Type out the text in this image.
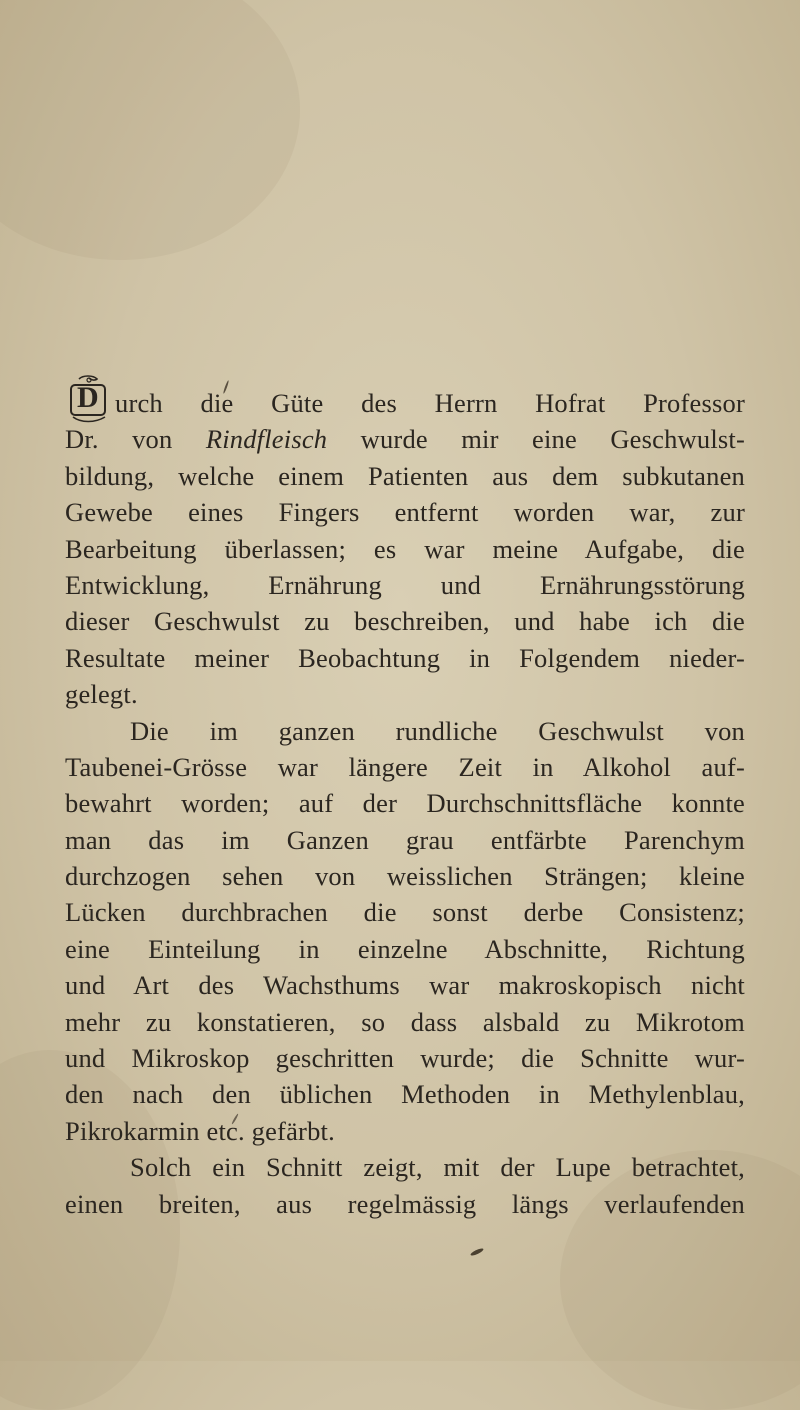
D urch die Güte des Herrn Hofrat Professor
Dr. von Rindfleisch wurde mir eine Geschwulst-
bildung, welche einem Patienten aus dem subkutanen
Gewebe eines Fingers entfernt worden war, zur
Bearbeitung überlassen; es war meine Aufgabe, die
Entwicklung, Ernährung und Ernährungsstörung
dieser Geschwulst zu beschreiben, und habe ich die
Resultate meiner Beobachtung in Folgendem nieder-
gelegt.
Die im ganzen rundliche Geschwulst von
Taubenei-Grösse war längere Zeit in Alkohol auf-
bewahrt worden; auf der Durchschnittsfläche konnte
man das im Ganzen grau entfärbte Parenchym
durchzogen sehen von weisslichen Strängen; kleine
Lücken durchbrachen die sonst derbe Consistenz;
eine Einteilung in einzelne Abschnitte, Richtung
und Art des Wachsthums war makroskopisch nicht
mehr zu konstatieren, so dass alsbald zu Mikrotom
und Mikroskop geschritten wurde; die Schnitte wur-
den nach den üblichen Methoden in Methylenblau,
Pikrokarmin etc. gefärbt.
Solch ein Schnitt zeigt, mit der Lupe betrachtet,
einen breiten, aus regelmässig längs verlaufenden
